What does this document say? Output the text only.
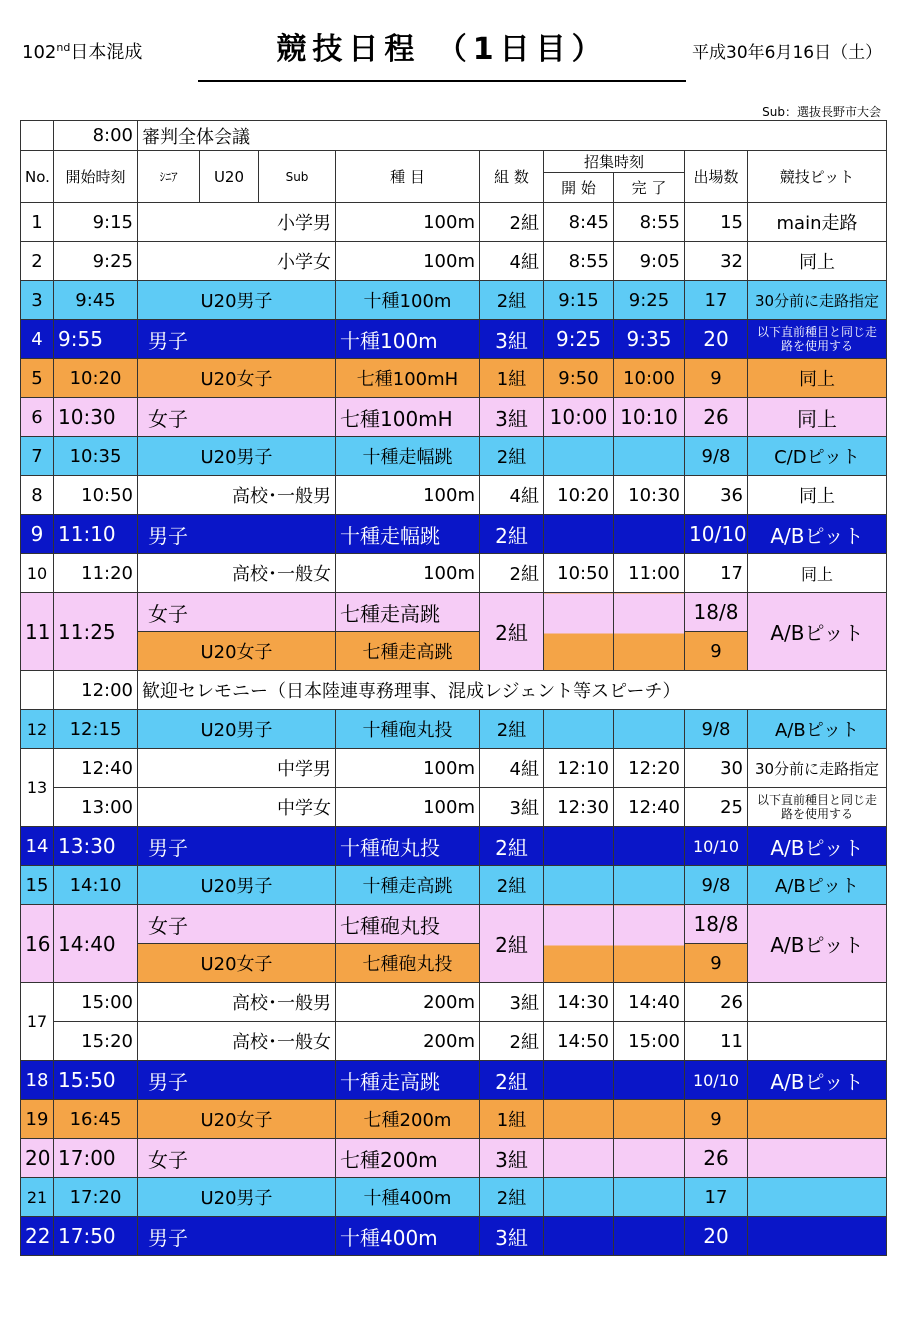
102nd日本混成	競技日程 （1日目）	平成30年6月16日（土）
Sub：選抜長野市大会
	8:00	審判全体会議								
No.	開始時刻	ｼﾆｱ	U20	Sub	種 目	組 数	招集時刻		出場数	競技ピット
							開 始	完 了		
1	9:15	小学男			100m	2組	8:45	8:55	15	main走路
2	9:25	小学女			100m	4組	8:55	9:05	32	同上
3	9:45	U20男子			十種100m	2組	9:15	9:25	17	30分前に走路指定
4	9:55	男子			十種100m	3組	9:25	9:35	20	以下直前種目と同じ走路を使用する
5	10:20	U20女子			七種100mH	1組	9:50	10:00	9	同上
6	10:30	女子			七種100mH	3組	10:00	10:10	26	同上
7	10:35	U20男子			十種走幅跳	2組			9/8	C/Dピット
8	10:50	高校･一般男			100m	4組	10:20	10:30	36	同上
9	11:10	男子			十種走幅跳	2組			10/10	A/Bピット
10	11:20	高校･一般女			100m	2組	10:50	11:00	17	同上
11	11:25	女子			七種走高跳	2組			18/8	A/Bピット
		U20女子			七種走高跳				9	
	12:00	歓迎セレモニー（日本陸連専務理事、混成レジェント等スピーチ）								
12	12:15	U20男子			十種砲丸投	2組			9/8	A/Bピット
13	12:40	中学男			100m	4組	12:10	12:20	30	30分前に走路指定
	13:00	中学女			100m	3組	12:30	12:40	25	以下直前種目と同じ走路を使用する
14	13:30	男子			十種砲丸投	2組			10/10	A/Bピット
15	14:10	U20男子			十種走高跳	2組			9/8	A/Bピット
16	14:40	女子			七種砲丸投	2組			18/8	A/Bピット
		U20女子			七種砲丸投				9	
17	15:00	高校･一般男			200m	3組	14:30	14:40	26	
	15:20	高校･一般女			200m	2組	14:50	15:00	11	
18	15:50	男子			十種走高跳	2組			10/10	A/Bピット
19	16:45	U20女子			七種200m	1組			9	
20	17:00	女子			七種200m	3組			26	
21	17:20	U20男子			十種400m	2組			17	
22	17:50	男子			十種400m	3組			20	
